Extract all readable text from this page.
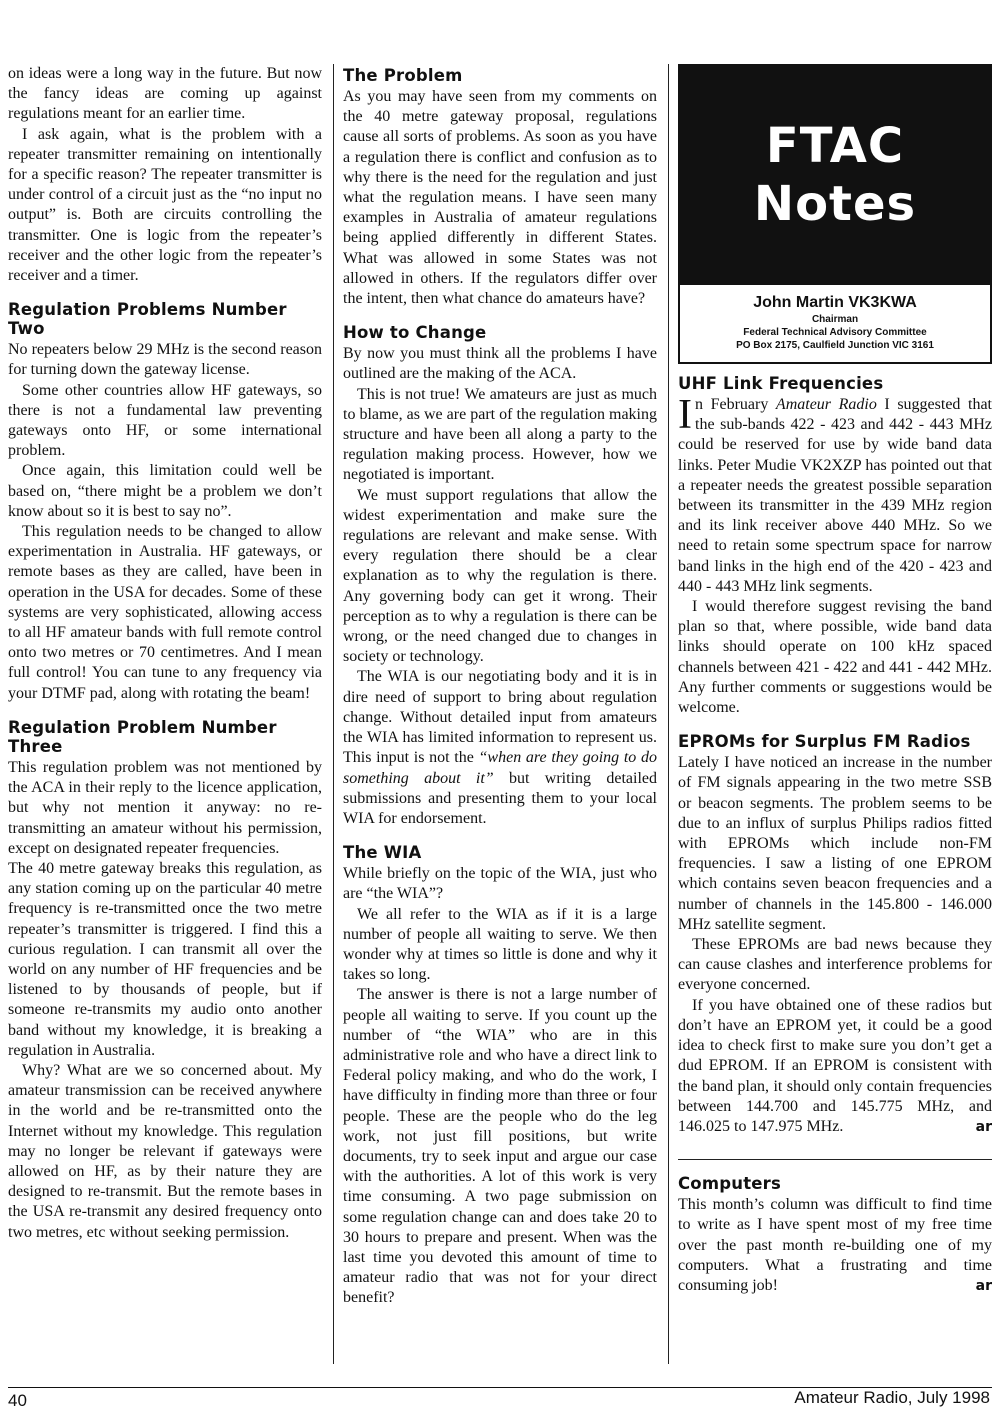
on ideas were a long way in the future. But now the fancy ideas are coming up against regulations meant for an earlier time.

I ask again, what is the problem with a repeater transmitter remaining on intentionally for a specific reason? The repeater transmitter is under control of a circuit just as the “no input no output” is. Both are circuits controlling the transmitter. One is logic from the repeater’s receiver and the other logic from the repeater’s receiver and a timer.

Regulation Problems Number Two

No repeaters below 29 MHz is the second reason for turning down the gateway license.

Some other countries allow HF gateways, so there is not a fundamental law preventing gateways onto HF, or some international problem.

Once again, this limitation could well be based on, “there might be a problem we don’t know about so it is best to say no”.

This regulation needs to be changed to allow experimentation in Australia. HF gateways, or remote bases as they are called, have been in operation in the USA for decades. Some of these systems are very sophisticated, allowing access to all HF amateur bands with full remote control onto two metres or 70 centimetres. And I mean full control! You can tune to any frequency via your DTMF pad, along with rotating the beam!

Regulation Problem Number Three

This regulation problem was not mentioned by the ACA in their reply to the licence application, but why not mention it anyway: no re-transmitting an amateur without his permission, except on designated repeater frequencies.

The 40 metre gateway breaks this regulation, as any station coming up on the particular 40 metre frequency is re-transmitted once the two metre repeater’s transmitter is triggered. I find this a curious regulation. I can transmit all over the world on any number of HF frequencies and be listened to by thousands of people, but if someone re-transmits my audio onto another band without my knowledge, it is breaking a regulation in Australia.

Why? What are we so concerned about. My amateur transmission can be received anywhere in the world and be re-transmitted onto the Internet without my knowledge. This regulation may no longer be relevant if gateways were allowed on HF, as by their nature they are designed to re-transmit. But the remote bases in the USA re-transmit any desired frequency onto two metres, etc without seeking permission.

The Problem

As you may have seen from my comments on the 40 metre gateway proposal, regulations cause all sorts of problems. As soon as you have a regulation there is conflict and confusion as to why there is the need for the regulation and just what the regulation means. I have seen many examples in Australia of amateur regulations being applied differently in different States. What was allowed in some States was not allowed in others. If the regulators differ over the intent, then what chance do amateurs have?

How to Change

By now you must think all the problems I have outlined are the making of the ACA.

This is not true! We amateurs are just as much to blame, as we are part of the regulation making structure and have been all along a party to the regulation making process. However, how we negotiated is important.

We must support regulations that allow the widest experimentation and make sure the regulations are relevant and make sense. With every regulation there should be a clear explanation as to why the regulation is there. Any governing body can get it wrong. Their perception as to why a regulation is there can be wrong, or the need changed due to changes in society or technology.

The WIA is our negotiating body and it is in dire need of support to bring about regulation change. Without detailed input from amateurs the WIA has limited information to represent us. This input is not the “when are they going to do something about it” but writing detailed submissions and presenting them to your local WIA for endorsement.

The WIA

While briefly on the topic of the WIA, just who are “the WIA”?

We all refer to the WIA as if it is a large number of people all waiting to serve. We then wonder why at times so little is done and why it takes so long.

The answer is there is not a large number of people all waiting to serve. If you count up the number of “the WIA” who are in this administrative role and who have a direct link to Federal policy making, and who do the work, I have difficulty in finding more than three or four people. These are the people who do the leg work, not just fill positions, but write documents, try to seek input and argue our case with the authorities. A lot of this work is very time consuming. A two page submission on some regulation change can and does take 20 to 30 hours to prepare and present. When was the last time you devoted this amount of time to amateur radio that was not for your direct benefit?

FTAC
Notes
John Martin VK3KWA
Chairman
Federal Technical Advisory Committee
PO Box 2175, Caulfield Junction VIC 3161
UHF Link Frequencies

In February Amateur Radio I suggested that the sub-bands 422 - 423 and 442 - 443 MHz could be reserved for use by wide band data links. Peter Mudie VK2XZP has pointed out that a repeater needs the greatest possible separation between its transmitter in the 439 MHz region and its link receiver above 440 MHz. So we need to retain some spectrum space for narrow band links in the high end of the 420 - 423 and 440 - 443 MHz link segments.

I would therefore suggest revising the band plan so that, where possible, wide band data links should operate on 100 kHz spaced channels between 421 - 422 and 441 - 442 MHz. Any further comments or suggestions would be welcome.

EPROMs for Surplus FM Radios

Lately I have noticed an increase in the number of FM signals appearing in the two metre SSB or beacon segments. The problem seems to be due to an influx of surplus Philips radios fitted with EPROMs which include non-FM frequencies. I saw a listing of one EPROM which contains seven beacon frequencies and a number of channels in the 145.800 - 146.000 MHz satellite segment.

These EPROMs are bad news because they can cause clashes and interference problems for everyone concerned.

If you have obtained one of these radios but don’t have an EPROM yet, it could be a good idea to check first to make sure you don’t get a dud EPROM. If an EPROM is consistent with the band plan, it should only contain frequencies between 144.700 and 145.775 MHz, and 146.025 to 147.975 MHz.	ar

Computers

This month’s column was difficult to find time to write as I have spent most of my free time over the past month re-building one of my computers. What a frustrating and time consuming job!	ar

40	Amateur Radio, July 1998
